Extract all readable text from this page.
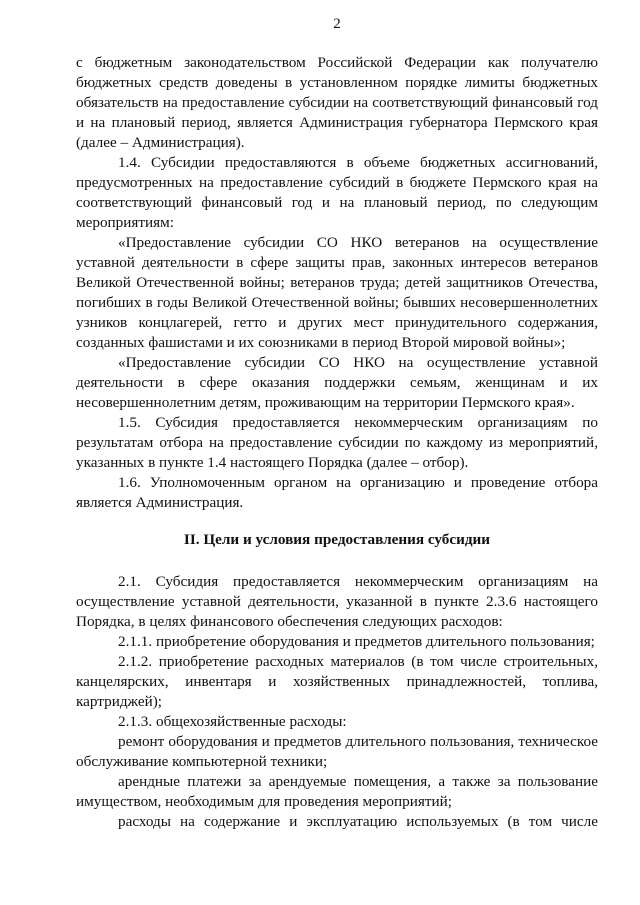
2

с бюджетным законодательством Российской Федерации как получателю бюджетных средств доведены в установленном порядке лимиты бюджетных обязательств на предоставление субсидии на соответствующий финансовый год и на плановый период, является Администрация губернатора Пермского края (далее – Администрация).

1.4. Субсидии предоставляются в объеме бюджетных ассигнований, предусмотренных на предоставление субсидий в бюджете Пермского края на соответствующий финансовый год и на плановый период, по следующим мероприятиям:

«Предоставление субсидии СО НКО ветеранов на осуществление уставной деятельности в сфере защиты прав, законных интересов ветеранов Великой Отечественной войны; ветеранов труда; детей защитников Отечества, погибших в годы Великой Отечественной войны; бывших несовершеннолетних узников концлагерей, гетто и других мест принудительного содержания, созданных фашистами и их союзниками в период Второй мировой войны»;

«Предоставление субсидии СО НКО на осуществление уставной деятельности в сфере оказания поддержки семьям, женщинам и их несовершеннолетним детям, проживающим на территории Пермского края».

1.5. Субсидия предоставляется некоммерческим организациям по результатам отбора на предоставление субсидии по каждому из мероприятий, указанных в пункте 1.4 настоящего Порядка (далее – отбор).

1.6. Уполномоченным органом на организацию и проведение отбора является Администрация.

II. Цели и условия предоставления субсидии

2.1. Субсидия предоставляется некоммерческим организациям на осуществление уставной деятельности, указанной в пункте 2.3.6 настоящего Порядка, в целях финансового обеспечения следующих расходов:

2.1.1. приобретение оборудования и предметов длительного пользования;

2.1.2. приобретение расходных материалов (в том числе строительных, канцелярских, инвентаря и хозяйственных принадлежностей, топлива, картриджей);

2.1.3. общехозяйственные расходы:

ремонт оборудования и предметов длительного пользования, техническое обслуживание компьютерной техники;

арендные платежи за арендуемые помещения, а также за пользование имуществом, необходимым для проведения мероприятий;

расходы на содержание и эксплуатацию используемых (в том числе
